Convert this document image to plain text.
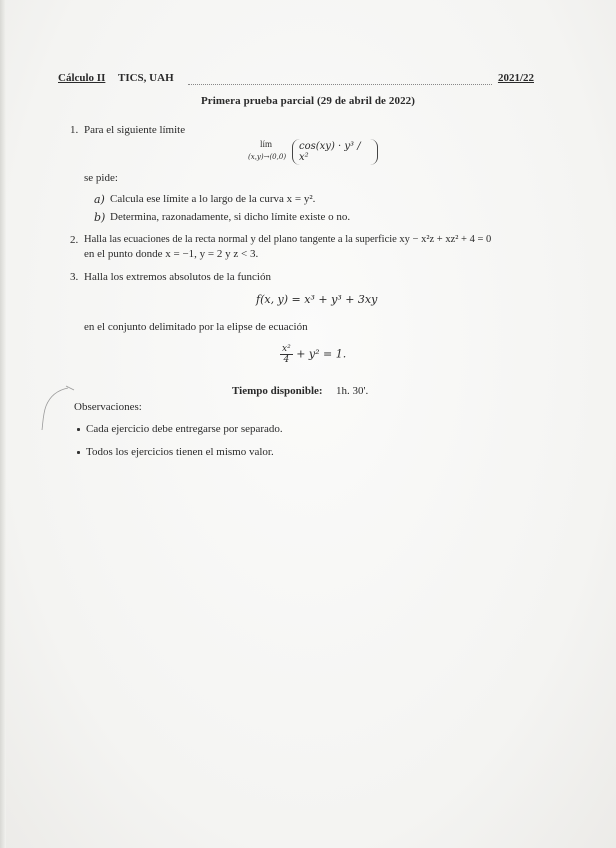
Cálculo II TICS, UAH	2021/22
Primera prueba parcial (29 de abril de 2022)
1. Para el siguiente límite
lím
(x,y)→(0,0)
cos(xy) · y³ / x²
se pide:
a) Calcula ese límite a lo largo de la curva x = y².
b) Determina, razonadamente, si dicho límite existe o no.
2. Halla las ecuaciones de la recta normal y del plano tangente a la superficie xy − x²z + xz² + 4 = 0
en el punto donde x = −1, y = 2 y z < 3.
3. Halla los extremos absolutos de la función
f(x, y) = x³ + y³ + 3xy
en el conjunto delimitado por la elipse de ecuación
$\frac{\text{x²}}{4} + y^2 = 1$.
Tiempo disponible: 1h. 30'.
Observaciones:
Cada ejercicio debe entregarse por separado.
Todos los ejercicios tienen el mismo valor.
